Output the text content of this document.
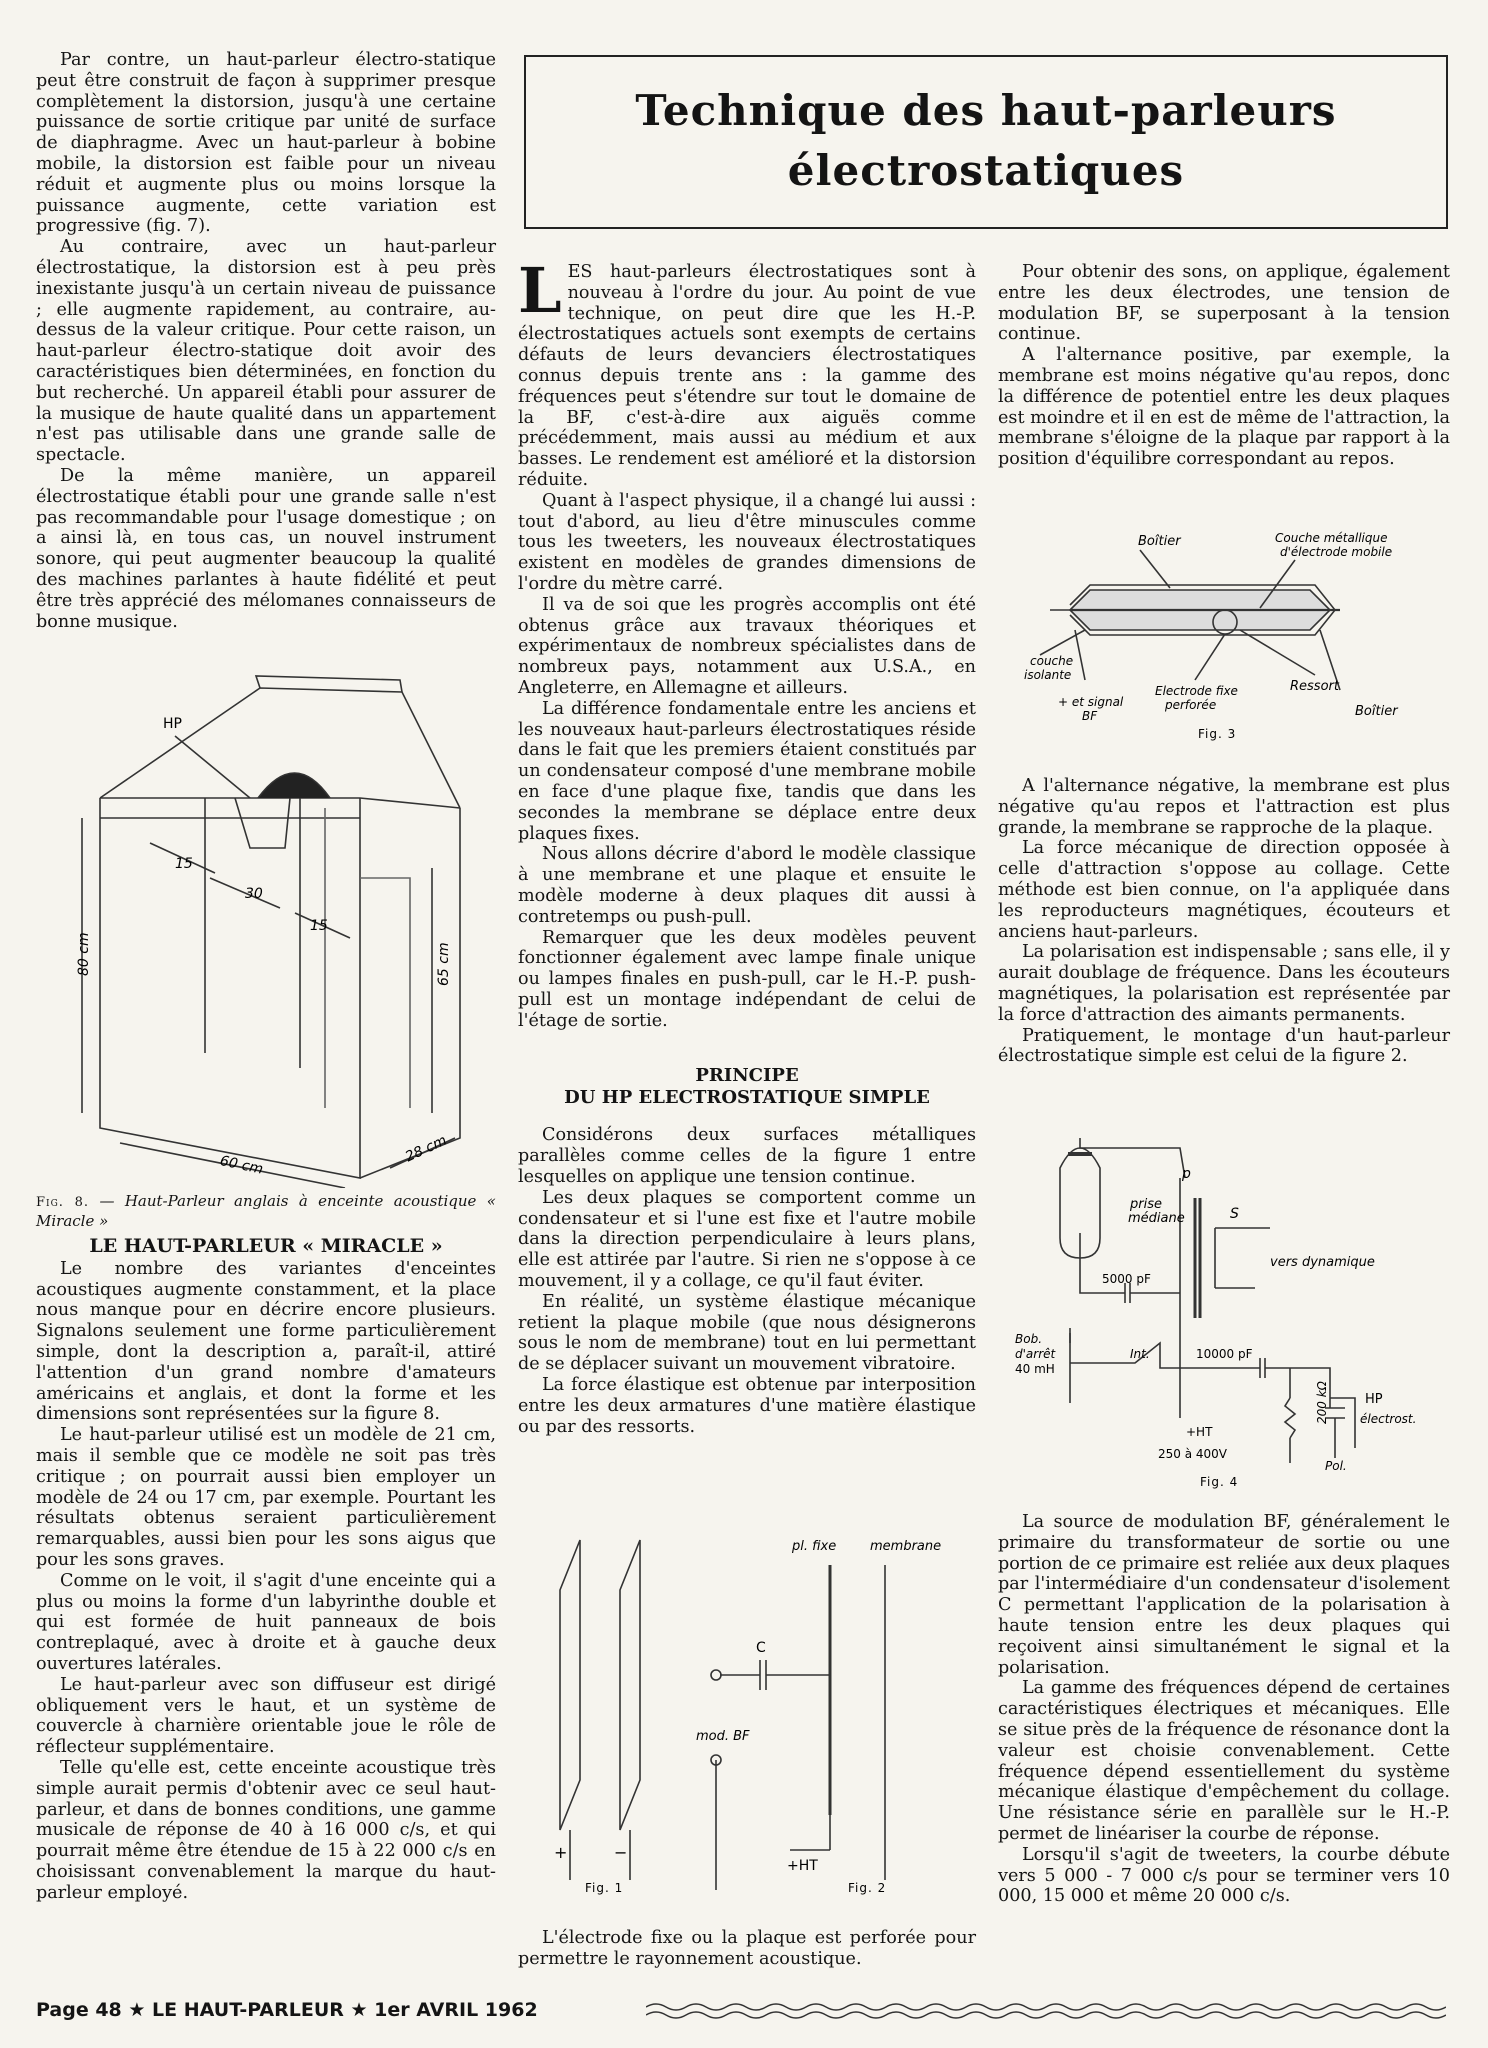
Technique des haut-parleurs
électrostatiques

Par contre, un haut-parleur électro-statique peut être construit de façon à supprimer presque complètement la distorsion, jusqu'à une certaine puissance de sortie critique par unité de surface de diaphragme. Avec un haut-parleur à bobine mobile, la distorsion est faible pour un niveau réduit et augmente plus ou moins lorsque la puissance augmente, cette variation est progressive (fig. 7).

Au contraire, avec un haut-parleur électrostatique, la distorsion est à peu près inexistante jusqu'à un certain niveau de puissance ; elle augmente rapidement, au contraire, au-dessus de la valeur critique. Pour cette raison, un haut-parleur électro-statique doit avoir des caractéristiques bien déterminées, en fonction du but recherché. Un appareil établi pour assurer de la musique de haute qualité dans un appartement n'est pas utilisable dans une grande salle de spectacle.

De la même manière, un appareil électrostatique établi pour une grande salle n'est pas recommandable pour l'usage domestique ; on a ainsi là, en tous cas, un nouvel instrument sonore, qui peut augmenter beaucoup la qualité des machines parlantes à haute fidélité et peut être très apprécié des mélomanes connaisseurs de bonne musique.

HP
15
30
15
80 cm	65 cm
60 cm
28 cm

Fig. 8. — Haut-Parleur anglais à enceinte acoustique « Miracle »

LE HAUT-PARLEUR « MIRACLE »

Le nombre des variantes d'enceintes acoustiques augmente constamment, et la place nous manque pour en décrire encore plusieurs. Signalons seulement une forme particulièrement simple, dont la description a, paraît-il, attiré l'attention d'un grand nombre d'amateurs américains et anglais, et dont la forme et les dimensions sont représentées sur la figure 8.

Le haut-parleur utilisé est un modèle de 21 cm, mais il semble que ce modèle ne soit pas très critique ; on pourrait aussi bien employer un modèle de 24 ou 17 cm, par exemple. Pourtant les résultats obtenus seraient particulièrement remarquables, aussi bien pour les sons aigus que pour les sons graves.

Comme on le voit, il s'agit d'une enceinte qui a plus ou moins la forme d'un labyrinthe double et qui est formée de huit panneaux de bois contreplaqué, avec à droite et à gauche deux ouvertures latérales.

Le haut-parleur avec son diffuseur est dirigé obliquement vers le haut, et un système de couvercle à charnière orientable joue le rôle de réflecteur supplémentaire.

Telle qu'elle est, cette enceinte acoustique très simple aurait permis d'obtenir avec ce seul haut-parleur, et dans de bonnes conditions, une gamme musicale de réponse de 40 à 16 000 c/s, et qui pourrait même être étendue de 15 à 22 000 c/s en choisissant convenablement la marque du haut-parleur employé.

LES haut-parleurs électrostatiques sont à nouveau à l'ordre du jour. Au point de vue technique, on peut dire que les H.-P. électrostatiques actuels sont exempts de certains défauts de leurs devanciers électrostatiques connus depuis trente ans : la gamme des fréquences peut s'étendre sur tout le domaine de la BF, c'est-à-dire aux aiguës comme précédemment, mais aussi au médium et aux basses. Le rendement est amélioré et la distorsion réduite.

Quant à l'aspect physique, il a changé lui aussi : tout d'abord, au lieu d'être minuscules comme tous les tweeters, les nouveaux électrostatiques existent en modèles de grandes dimensions de l'ordre du mètre carré.

Il va de soi que les progrès accomplis ont été obtenus grâce aux travaux théoriques et expérimentaux de nombreux spécialistes dans de nombreux pays, notamment aux U.S.A., en Angleterre, en Allemagne et ailleurs.

La différence fondamentale entre les anciens et les nouveaux haut-parleurs électrostatiques réside dans le fait que les premiers étaient constitués par un condensateur composé d'une membrane mobile en face d'une plaque fixe, tandis que dans les secondes la membrane se déplace entre deux plaques fixes.

Nous allons décrire d'abord le modèle classique à une membrane et une plaque et ensuite le modèle moderne à deux plaques dit aussi à contretemps ou push-pull.

Remarquer que les deux modèles peuvent fonctionner également avec lampe finale unique ou lampes finales en push-pull, car le H.-P. push-pull est un montage indépendant de celui de l'étage de sortie.

PRINCIPE
DU HP ELECTROSTATIQUE SIMPLE

Considérons deux surfaces métalliques parallèles comme celles de la figure 1 entre lesquelles on applique une tension continue.

Les deux plaques se comportent comme un condensateur et si l'une est fixe et l'autre mobile dans la direction perpendiculaire à leurs plans, elle est attirée par l'autre. Si rien ne s'oppose à ce mouvement, il y a collage, ce qu'il faut éviter.

En réalité, un système élastique mécanique retient la plaque mobile (que nous désignerons sous le nom de membrane) tout en lui permettant de se déplacer suivant un mouvement vibratoire.

La force élastique est obtenue par interposition entre les deux armatures d'une matière élastique ou par des ressorts.

+	−
Fig. 1
pl. fixe	membrane
C
mod. BF
+HT
Fig. 2

L'électrode fixe ou la plaque est perforée pour permettre le rayonnement acoustique.

Pour obtenir des sons, on applique, également entre les deux électrodes, une tension de modulation BF, se superposant à la tension continue.

A l'alternance positive, par exemple, la membrane est moins négative qu'au repos, donc la différence de potentiel entre les deux plaques est moindre et il en est de même de l'attraction, la membrane s'éloigne de la plaque par rapport à la position d'équilibre correspondant au repos.

Boîtier	Couche métallique
d'électrode mobile
couche
isolante
+ et signal
BF
Electrode fixe
perforée
Ressort
Boîtier
Fig. 3

A l'alternance négative, la membrane est plus négative qu'au repos et l'attraction est plus grande, la membrane se rapproche de la plaque.

La force mécanique de direction opposée à celle d'attraction s'oppose au collage. Cette méthode est bien connue, on l'a appliquée dans les reproducteurs magnétiques, écouteurs et anciens haut-parleurs.

La polarisation est indispensable ; sans elle, il y aurait doublage de fréquence. Dans les écouteurs magnétiques, la polarisation est représentée par la force d'attraction des aimants permanents.

Pratiquement, le montage d'un haut-parleur électrostatique simple est celui de la figure 2.

p
prise
médiane	S
vers dynamique
5000 pF
Bob.
d'arrêt
40 mH
Int.	10000 pF
200 kΩ	HP
électrost.
+HT
250 à 400V
Pol.
Fig. 4

La source de modulation BF, généralement le primaire du transformateur de sortie ou une portion de ce primaire est reliée aux deux plaques par l'intermédiaire d'un condensateur d'isolement C permettant l'application de la polarisation à haute tension entre les deux plaques qui reçoivent ainsi simultanément le signal et la polarisation.

La gamme des fréquences dépend de certaines caractéristiques électriques et mécaniques. Elle se situe près de la fréquence de résonance dont la valeur est choisie convenablement. Cette fréquence dépend essentiellement du système mécanique élastique d'empêchement du collage. Une résistance série en parallèle sur le H.-P. permet de linéariser la courbe de réponse.

Lorsqu'il s'agit de tweeters, la courbe débute vers 5 000 - 7 000 c/s pour se terminer vers 10 000, 15 000 et même 20 000 c/s.

Page 48 ★ LE HAUT-PARLEUR ★ 1er AVRIL 1962
